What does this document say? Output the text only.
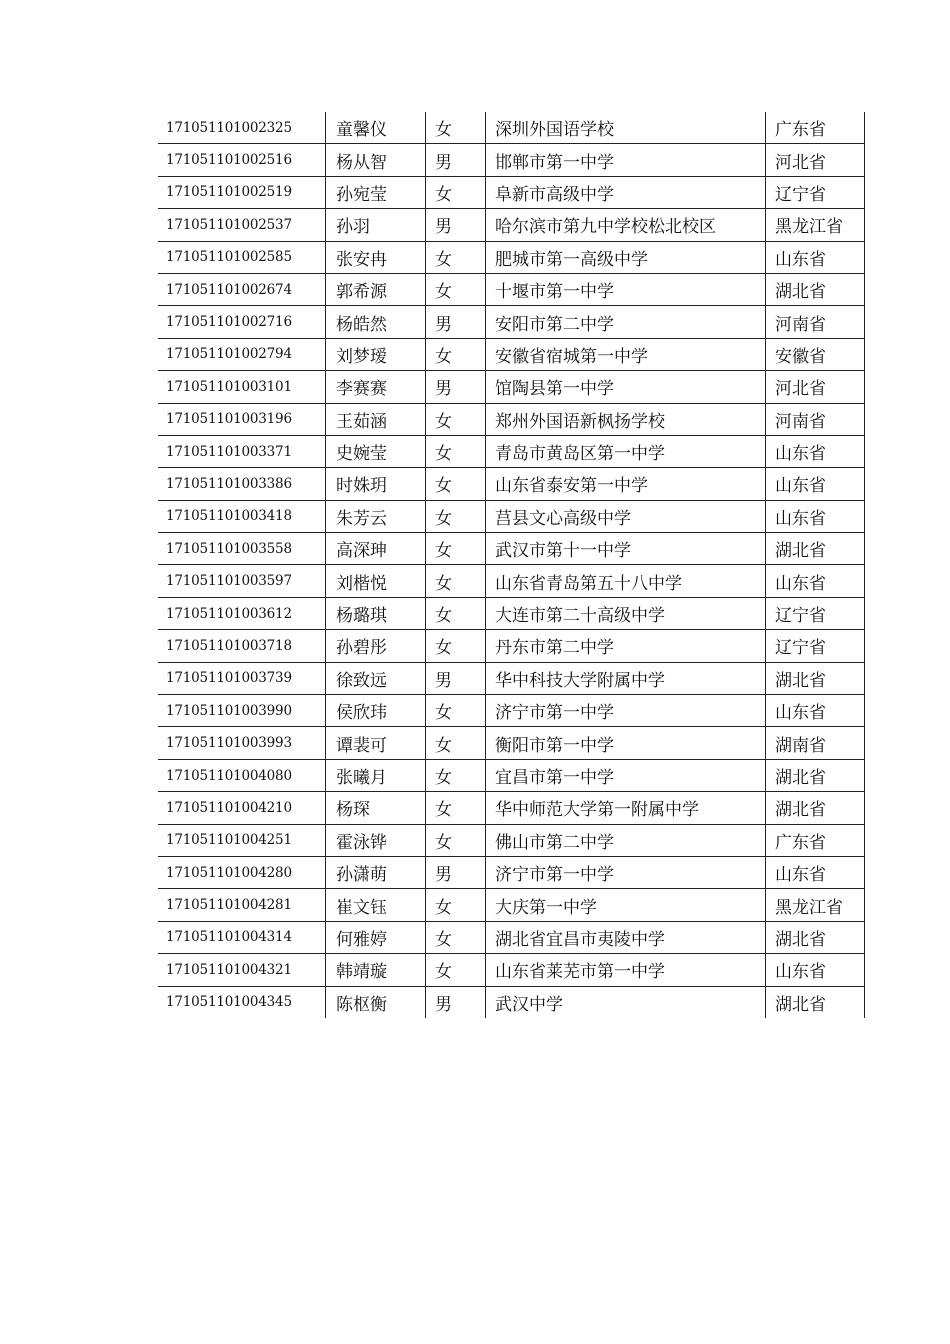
171051101002325	童馨仪	女	深圳外国语学校	广东省
171051101002516	杨从智	男	邯郸市第一中学	河北省
171051101002519	孙宛莹	女	阜新市高级中学	辽宁省
171051101002537	孙羽	男	哈尔滨市第九中学校松北校区	黑龙江省
171051101002585	张安冉	女	肥城市第一高级中学	山东省
171051101002674	郭希源	女	十堰市第一中学	湖北省
171051101002716	杨皓然	男	安阳市第二中学	河南省
171051101002794	刘梦瑷	女	安徽省宿城第一中学	安徽省
171051101003101	李赛赛	男	馆陶县第一中学	河北省
171051101003196	王茹涵	女	郑州外国语新枫扬学校	河南省
171051101003371	史婉莹	女	青岛市黄岛区第一中学	山东省
171051101003386	时姝玥	女	山东省泰安第一中学	山东省
171051101003418	朱芳云	女	莒县文心高级中学	山东省
171051101003558	高深珅	女	武汉市第十一中学	湖北省
171051101003597	刘楷悦	女	山东省青岛第五十八中学	山东省
171051101003612	杨璐琪	女	大连市第二十高级中学	辽宁省
171051101003718	孙碧彤	女	丹东市第二中学	辽宁省
171051101003739	徐致远	男	华中科技大学附属中学	湖北省
171051101003990	侯欣玮	女	济宁市第一中学	山东省
171051101003993	谭裴可	女	衡阳市第一中学	湖南省
171051101004080	张曦月	女	宜昌市第一中学	湖北省
171051101004210	杨琛	女	华中师范大学第一附属中学	湖北省
171051101004251	霍泳铧	女	佛山市第二中学	广东省
171051101004280	孙潇萌	男	济宁市第一中学	山东省
171051101004281	崔文钰	女	大庆第一中学	黑龙江省
171051101004314	何雅婷	女	湖北省宜昌市夷陵中学	湖北省
171051101004321	韩靖璇	女	山东省莱芜市第一中学	山东省
171051101004345	陈枢衡	男	武汉中学	湖北省
